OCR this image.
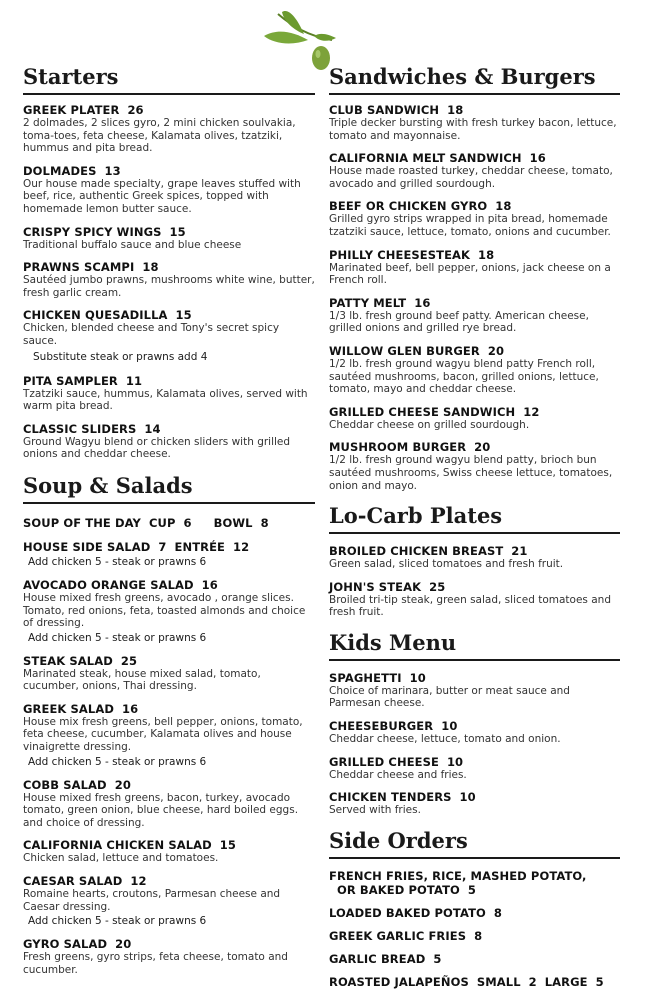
Starters
GREEK PLATER 26
2 dolmades, 2 slices gyro, 2 mini chicken soulvakia, toma-toes, feta cheese, Kalamata olives, tzatziki, hummus and pita bread.
DOLMADES 13
Our house made specialty, grape leaves stuffed with beef, rice, authentic Greek spices, topped with homemade lemon butter sauce.
CRISPY SPICY WINGS 15
Traditional buffalo sauce and blue cheese
PRAWNS SCAMPI 18
Sautéed jumbo prawns, mushrooms white wine, butter, fresh garlic cream.
CHICKEN QUESADILLA 15
Chicken, blended cheese and Tony's secret spicy sauce.
Substitute steak or prawns add 4
PITA SAMPLER 11
Tzatziki sauce, hummus, Kalamata olives, served with warm pita bread.
CLASSIC SLIDERS 14
Ground Wagyu blend or chicken sliders with grilled onions and cheddar cheese.
Soup & Salads
SOUP OF THE DAY CUP 6 BOWL 8
HOUSE SIDE SALAD 7 ENTRÉE 12
Add chicken 5 - steak or prawns 6
AVOCADO ORANGE SALAD 16
House mixed fresh greens, avocado , orange slices. Tomato, red onions, feta, toasted almonds and choice of dressing.
Add chicken 5 - steak or prawns 6
STEAK SALAD 25
Marinated steak, house mixed salad, tomato, cucumber, onions, Thai dressing.
GREEK SALAD 16
House mix fresh greens, bell pepper, onions, tomato, feta cheese, cucumber, Kalamata olives and house vinaigrette dressing.
Add chicken 5 - steak or prawns 6
COBB SALAD 20
House mixed fresh greens, bacon, turkey, avocado tomato, green onion, blue cheese, hard boiled eggs. and choice of dressing.
CALIFORNIA CHICKEN SALAD 15
Chicken salad, lettuce and tomatoes.
CAESAR SALAD 12
Romaine hearts, croutons, Parmesan cheese and Caesar dressing.
Add chicken 5 - steak or prawns 6
GYRO SALAD 20
Fresh greens, gyro strips, feta cheese, tomato and cucumber.
Sandwiches & Burgers
CLUB SANDWICH 18
Triple decker bursting with fresh turkey bacon, lettuce, tomato and mayonnaise.
CALIFORNIA MELT SANDWICH 16
House made roasted turkey, cheddar cheese, tomato, avocado and grilled sourdough.
BEEF OR CHICKEN GYRO 18
Grilled gyro strips wrapped in pita bread, homemade tzatziki sauce, lettuce, tomato, onions and cucumber.
PHILLY CHEESESTEAK 18
Marinated beef, bell pepper, onions, jack cheese on a French roll.
PATTY MELT 16
1/3 lb. fresh ground beef patty. American cheese, grilled onions and grilled rye bread.
WILLOW GLEN BURGER 20
1/2 lb. fresh ground wagyu blend patty French roll, sautéed mushrooms, bacon, grilled onions, lettuce, tomato, mayo and cheddar cheese.
GRILLED CHEESE SANDWICH 12
Cheddar cheese on grilled sourdough.
MUSHROOM BURGER 20
1/2 lb. fresh ground wagyu blend patty, brioch bun sautéed mushrooms, Swiss cheese lettuce, tomatoes, onion and mayo.
Lo-Carb Plates
BROILED CHICKEN BREAST 21
Green salad, sliced tomatoes and fresh fruit.
JOHN'S STEAK 25
Broiled tri-tip steak, green salad, sliced tomatoes and fresh fruit.
Kids Menu
SPAGHETTI 10
Choice of marinara, butter or meat sauce and Parmesan cheese.
CHEESEBURGER 10
Cheddar cheese, lettuce, tomato and onion.
GRILLED CHEESE 10
Cheddar cheese and fries.
CHICKEN TENDERS 10
Served with fries.
Side Orders
FRENCH FRIES, RICE, MASHED POTATO,
OR BAKED POTATO 5
LOADED BAKED POTATO 8
GREEK GARLIC FRIES 8
GARLIC BREAD 5
ROASTED JALAPEÑOS SMALL 2 LARGE 5
